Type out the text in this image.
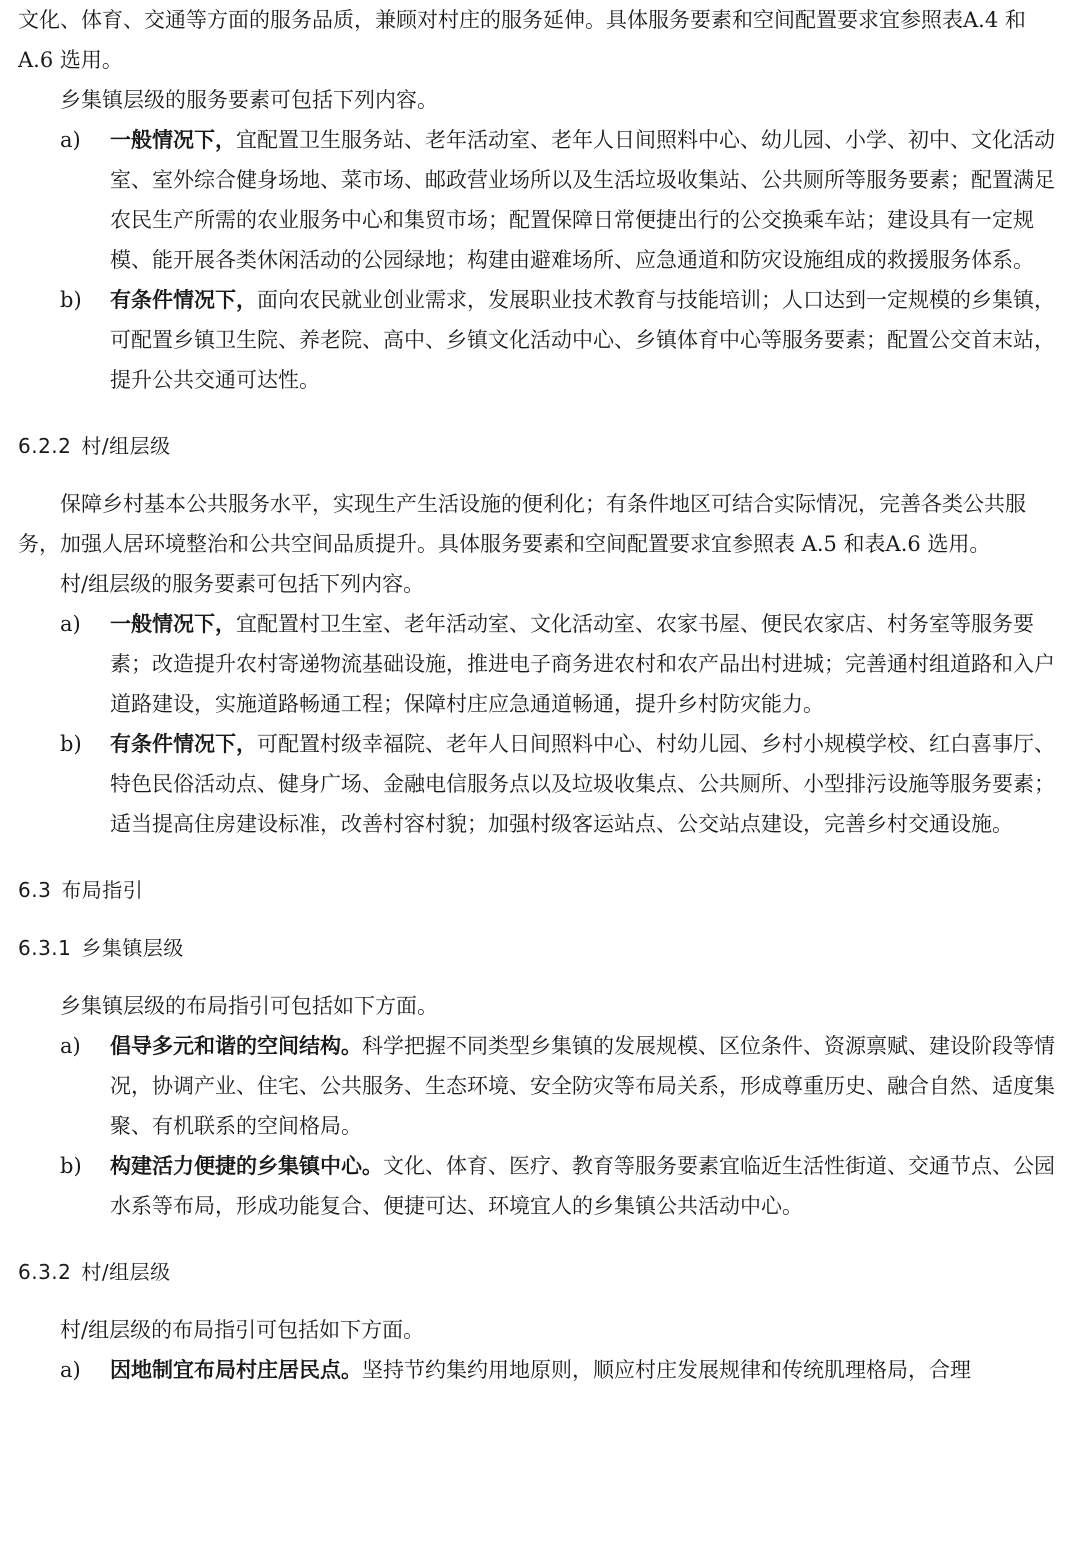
文化、体育、交通等方面的服务品质，兼顾对村庄的服务延伸。具体服务要素和空间配置要求宜参照表A.4 和 A.6 选用。

乡集镇层级的服务要素可包括下列内容。

a)	一般情况下，宜配置卫生服务站、老年活动室、老年人日间照料中心、幼儿园、小学、初中、文化活动室、室外综合健身场地、菜市场、邮政营业场所以及生活垃圾收集站、公共厕所等服务要素；配置满足农民生产所需的农业服务中心和集贸市场；配置保障日常便捷出行的公交换乘车站；建设具有一定规模、能开展各类休闲活动的公园绿地；构建由避难场所、应急通道和防灾设施组成的救援服务体系。
b)	有条件情况下，面向农民就业创业需求，发展职业技术教育与技能培训；人口达到一定规模的乡集镇，可配置乡镇卫生院、养老院、高中、乡镇文化活动中心、乡镇体育中心等服务要素；配置公交首末站，提升公共交通可达性。
6.2.2 村/组层级

保障乡村基本公共服务水平，实现生产生活设施的便利化；有条件地区可结合实际情况，完善各类公共服务，加强人居环境整治和公共空间品质提升。具体服务要素和空间配置要求宜参照表 A.5 和表A.6 选用。

村/组层级的服务要素可包括下列内容。

a)	一般情况下，宜配置村卫生室、老年活动室、文化活动室、农家书屋、便民农家店、村务室等服务要素；改造提升农村寄递物流基础设施，推进电子商务进农村和农产品出村进城；完善通村组道路和入户道路建设，实施道路畅通工程；保障村庄应急通道畅通，提升乡村防灾能力。
b)	有条件情况下，可配置村级幸福院、老年人日间照料中心、村幼儿园、乡村小规模学校、红白喜事厅、特色民俗活动点、健身广场、金融电信服务点以及垃圾收集点、公共厕所、小型排污设施等服务要素；适当提高住房建设标准，改善村容村貌；加强村级客运站点、公交站点建设，完善乡村交通设施。
6.3 布局指引
6.3.1 乡集镇层级

乡集镇层级的布局指引可包括如下方面。

a)	倡导多元和谐的空间结构。科学把握不同类型乡集镇的发展规模、区位条件、资源禀赋、建设阶段等情况，协调产业、住宅、公共服务、生态环境、安全防灾等布局关系，形成尊重历史、融合自然、适度集聚、有机联系的空间格局。
b)	构建活力便捷的乡集镇中心。文化、体育、医疗、教育等服务要素宜临近生活性街道、交通节点、公园水系等布局，形成功能复合、便捷可达、环境宜人的乡集镇公共活动中心。
6.3.2 村/组层级

村/组层级的布局指引可包括如下方面。

a)	因地制宜布局村庄居民点。坚持节约集约用地原则，顺应村庄发展规律和传统肌理格局，合理
